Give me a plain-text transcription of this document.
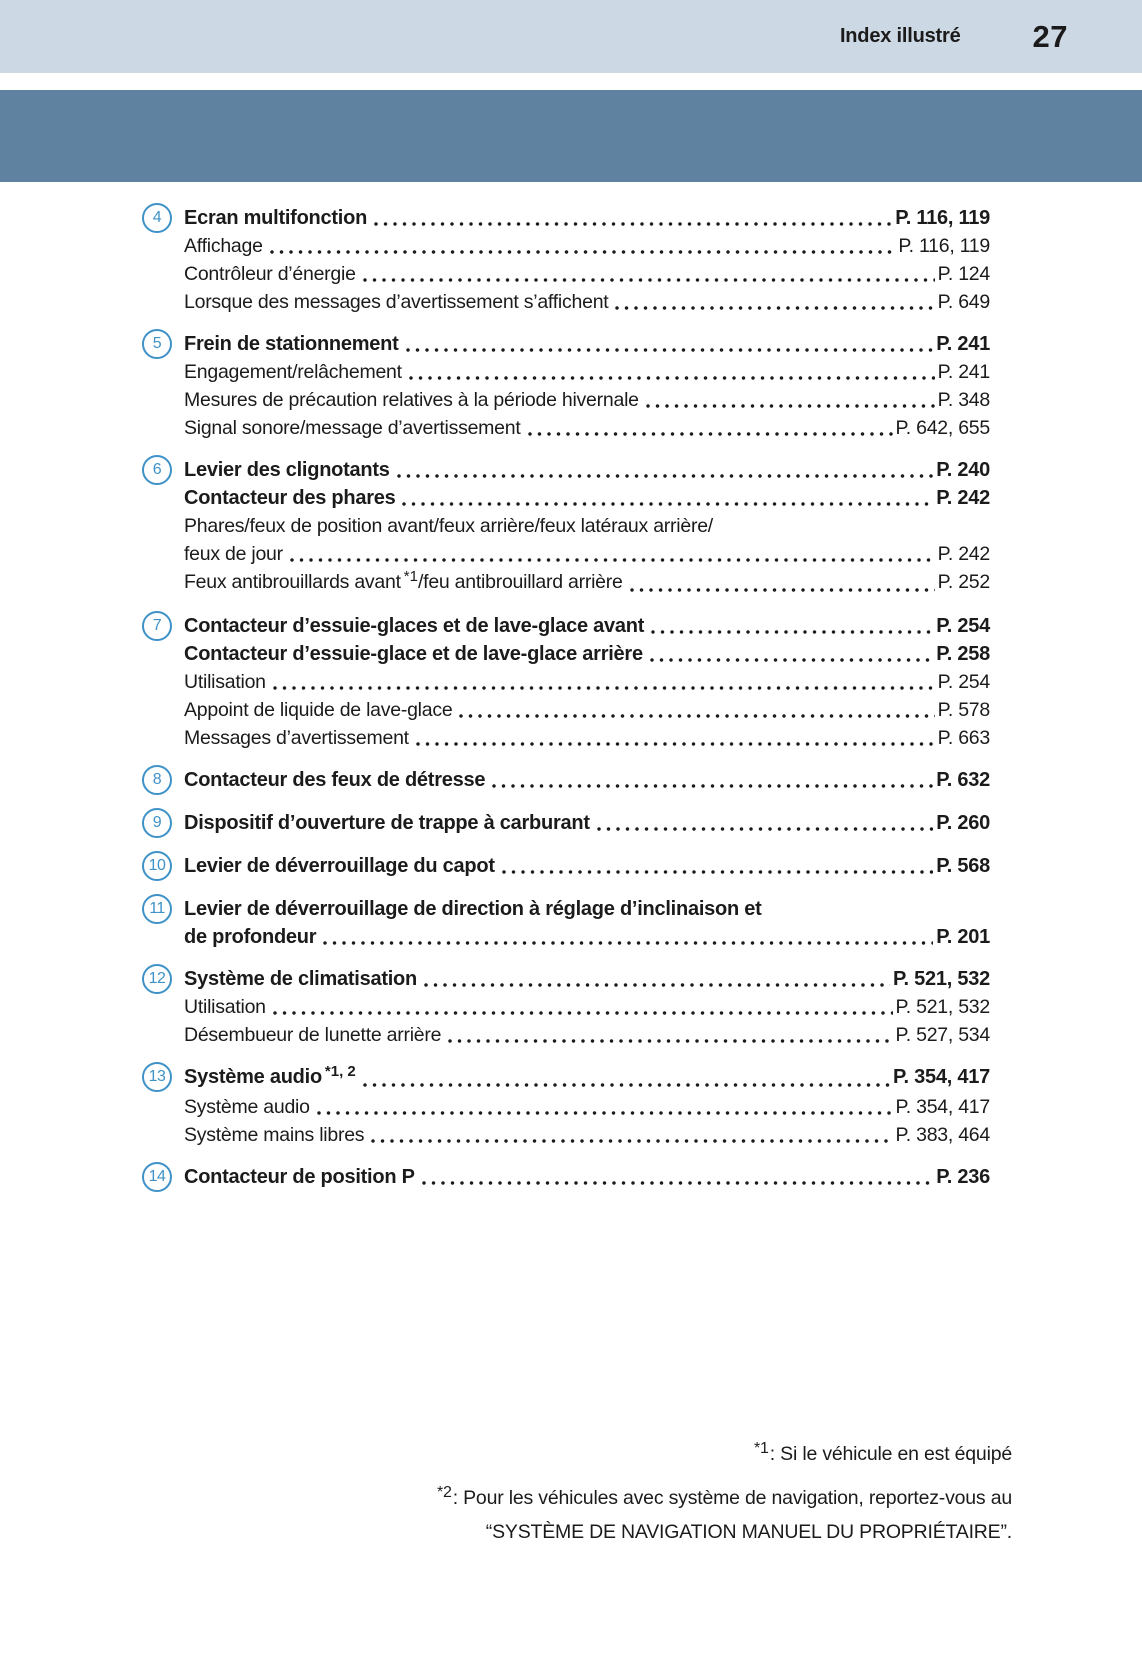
Index illustré 27
4	Ecran multifonction	P. 116, 119
Affichage	P. 116, 119
Contrôleur d’énergie	P. 124
Lorsque des messages d’avertissement s’affichent	P. 649
5	Frein de stationnement	P. 241
Engagement/relâchement	P. 241
Mesures de précaution relatives à la période hivernale	P. 348
Signal sonore/message d’avertissement	P. 642, 655
6	Levier des clignotants	P. 240
Contacteur des phares	P. 242
Phares/feux de position avant/feux arrière/feux latéraux arrière/
feux de jour	P. 242
Feux antibrouillards avant *1 /feu antibrouillard arrière	P. 252
7	Contacteur d’essuie-glaces et de lave-glace avant	P. 254
Contacteur d’essuie-glace et de lave-glace arrière	P. 258
Utilisation	P. 254
Appoint de liquide de lave-glace	P. 578
Messages d’avertissement	P. 663
8	Contacteur des feux de détresse	P. 632
9	Dispositif d’ouverture de trappe à carburant	P. 260
10 Levier de déverrouillage du capot	P. 568
11 Levier de déverrouillage de direction à réglage d’inclinaison et
de profondeur	P. 201
12 Système de climatisation	P. 521, 532
Utilisation	P. 521, 532
Désembueur de lunette arrière	P. 527, 534
13 Système audio *1, 2	P. 354, 417
Système audio	P. 354, 417
Système mains libres	P. 383, 464
14 Contacteur de position P	P. 236
$^{*1}$: Si le véhicule en est équipé
$^{*2}$: Pour les véhicules avec système de navigation, reportez-vous au
“SYSTÈME DE NAVIGATION MANUEL DU PROPRIÉTAIRE”.
